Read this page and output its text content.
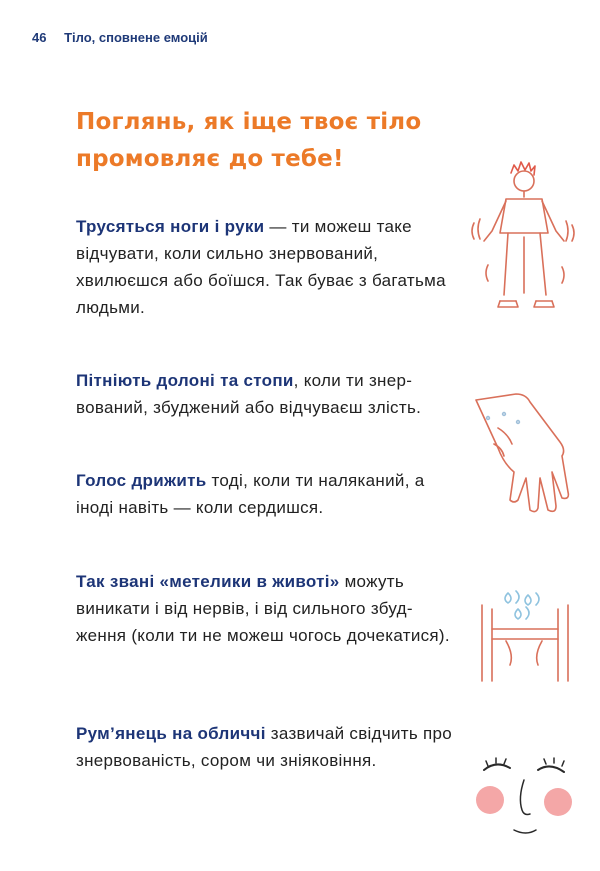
46 Тіло, сповнене емоцій
Поглянь, як іще твоє тіло промовляє до тебе!
Трусяться ноги і руки — ти можеш таке відчувати, коли сильно знервований, хвилюєшся або боїшся. Так буває з багатьма людьми.
Пітніють долоні та стопи, коли ти знервований, збуджений або відчуваєш злість.
Голос дрижить тоді, коли ти наляканий, а іноді навіть — коли сердишся.
Так звані «метелики в животі» можуть виникати і від нервів, і від сильного збудження (коли ти не можеш чогось дочекатися).
Рум’янець на обличчі зазвичай свідчить про знервованість, сором чи зніяковіння.
